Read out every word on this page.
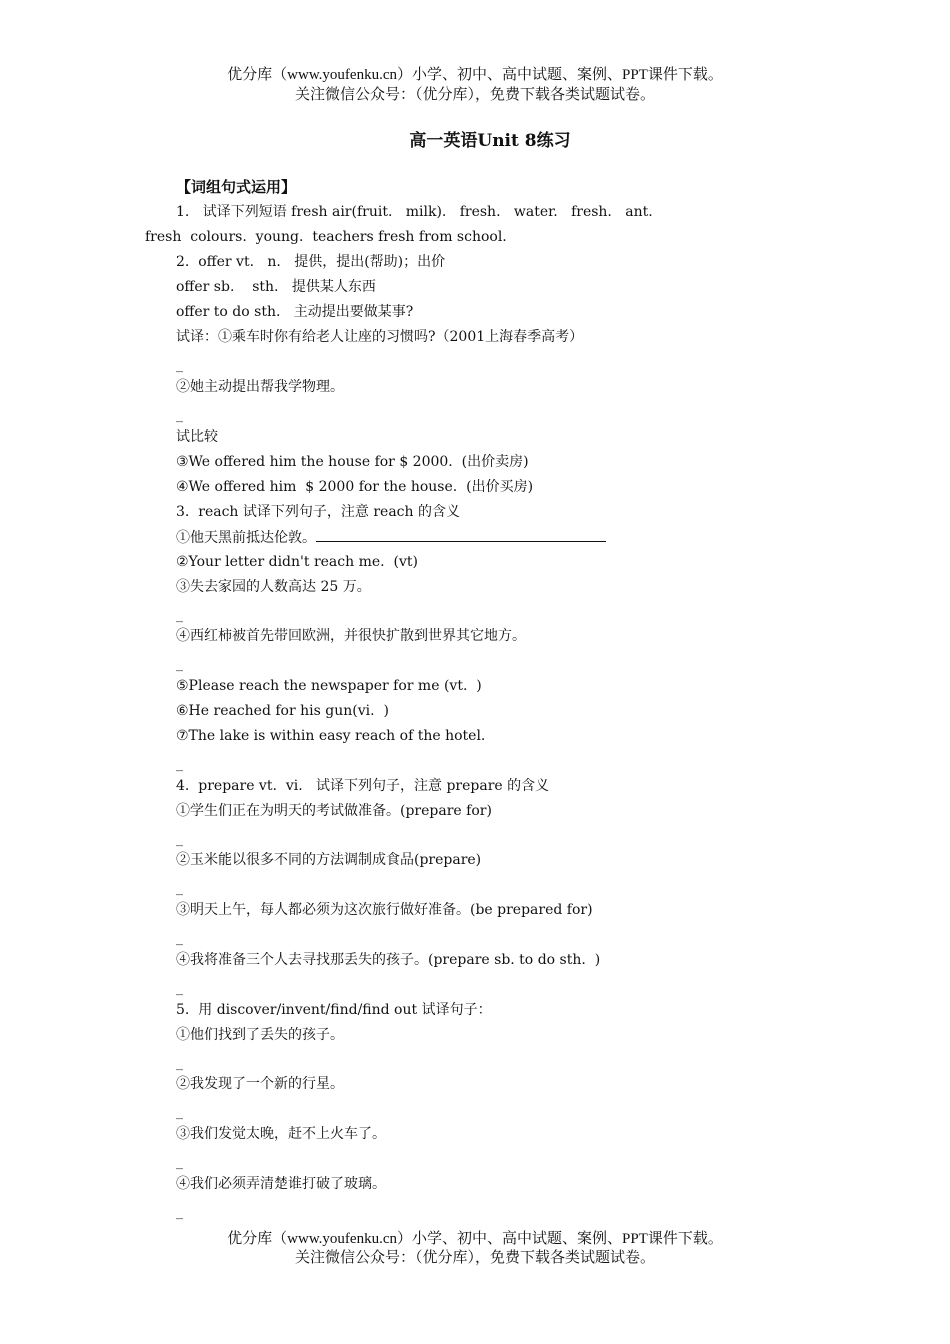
优分库（www.youfenku.cn）小学、初中、高中试题、案例、PPT课件下载。
关注微信公众号：（优分库），免费下载各类试题试卷。
高一英语Unit 8练习
【词组句式运用】
1.   试译下列短语 fresh air(fruit.   milk).   fresh.   water.   fresh.   ant.
fresh  colours.  young.  teachers fresh from school.
2.  offer vt.   n.   提供，提出(帮助)；出价
offer sb.    sth.   提供某人东西
offer to do sth.   主动提出要做某事?
试译：①乘车时你有给老人让座的习惯吗?（2001上海春季高考）
_
②她主动提出帮我学物理。
_
试比较
③We offered him the house for $ 2000.  (出价卖房)
④We offered him  $ 2000 for the house.  (出价买房)
3.  reach 试译下列句子，注意 reach 的含义
①他天黑前抵达伦敦。
②Your letter didn't reach me.  (vt)
③失去家园的人数高达 25 万。
_
④西红柿被首先带回欧洲，并很快扩散到世界其它地方。
_
⑤Please reach the newspaper for me (vt.  )
⑥He reached for his gun(vi.  )
⑦The lake is within easy reach of the hotel.
_
4.  prepare vt.  vi.   试译下列句子，注意 prepare 的含义
①学生们正在为明天的考试做准备。(prepare for)
_
②玉米能以很多不同的方法调制成食品(prepare)
_
③明天上午，每人都必须为这次旅行做好准备。(be prepared for)
_
④我将准备三个人去寻找那丢失的孩子。(prepare sb. to do sth.  )
_
5.  用 discover/invent/find/find out 试译句子：
①他们找到了丢失的孩子。
_
②我发现了一个新的行星。
_
③我们发觉太晚，赶不上火车了。
_
④我们必须弄清楚谁打破了玻璃。
_
优分库（www.youfenku.cn）小学、初中、高中试题、案例、PPT课件下载。
关注微信公众号：（优分库），免费下载各类试题试卷。
